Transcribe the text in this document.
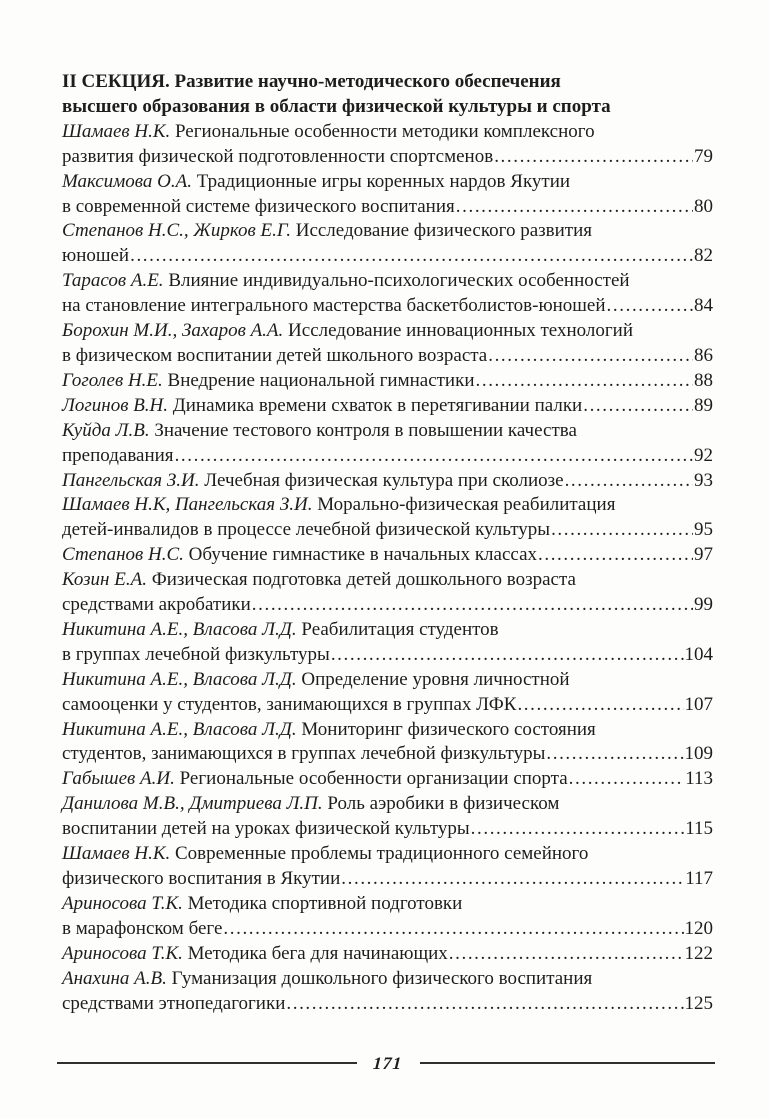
II СЕКЦИЯ. Развитие научно-методического обеспечения
высшего образования в области физической культуры и спорта
Шамаев Н.К. Региональные особенности методики комплексного
развития физической подготовленности спортсменов .....	79
Максимова О.А. Традиционные игры коренных нардов Якутии
в современной системе физического воспитания .....	80
Степанов Н.С., Жирков Е.Г. Исследование физического развития
юношей .....	82
Тарасов А.Е. Влияние индивидуально-психологических особенностей
на становление интегрального мастерства баскетболистов-юношей .....	84
Борохин М.И., Захаров А.А. Исследование инновационных технологий
в физическом воспитании детей школьного возраста .....	86
Гоголев Н.Е. Внедрение национальной гимнастики .....	88
Логинов В.Н. Динамика времени схваток в перетягивании палки .....	89
Куйда Л.В. Значение тестового контроля в повышении качества
преподавания .....	92
Пангельская З.И. Лечебная физическая культура при сколиозе .....	93
Шамаев Н.К, Пангельская З.И. Морально-физическая реабилитация
детей-инвалидов в процессе лечебной физической культуры .....	95
Степанов Н.С. Обучение гимнастике в начальных классах .....	97
Козин Е.А. Физическая подготовка детей дошкольного возраста
средствами акробатики .....	99
Никитина А.Е., Власова Л.Д. Реабилитация студентов
в группах лечебной физкультуры .....	104
Никитина А.Е., Власова Л.Д. Определение уровня личностной
самооценки у студентов, занимающихся в группах ЛФК .....	107
Никитина А.Е., Власова Л.Д. Мониторинг физического состояния
студентов, занимающихся в группах лечебной физкультуры .....	109
Габышев А.И. Региональные особенности организации спорта .....	113
Данилова М.В., Дмитриева Л.П. Роль аэробики в физическом
воспитании детей на уроках физической культуры .....	115
Шамаев Н.К. Современные проблемы традиционного семейного
физического воспитания в Якутии .....	117
Ариносова Т.К. Методика спортивной подготовки
в марафонском беге .....	120
Ариносова Т.К. Методика бега для начинающих .....	122
Анахина А.В. Гуманизация дошкольного физического воспитания
средствами этнопедагогики .....	125
171
